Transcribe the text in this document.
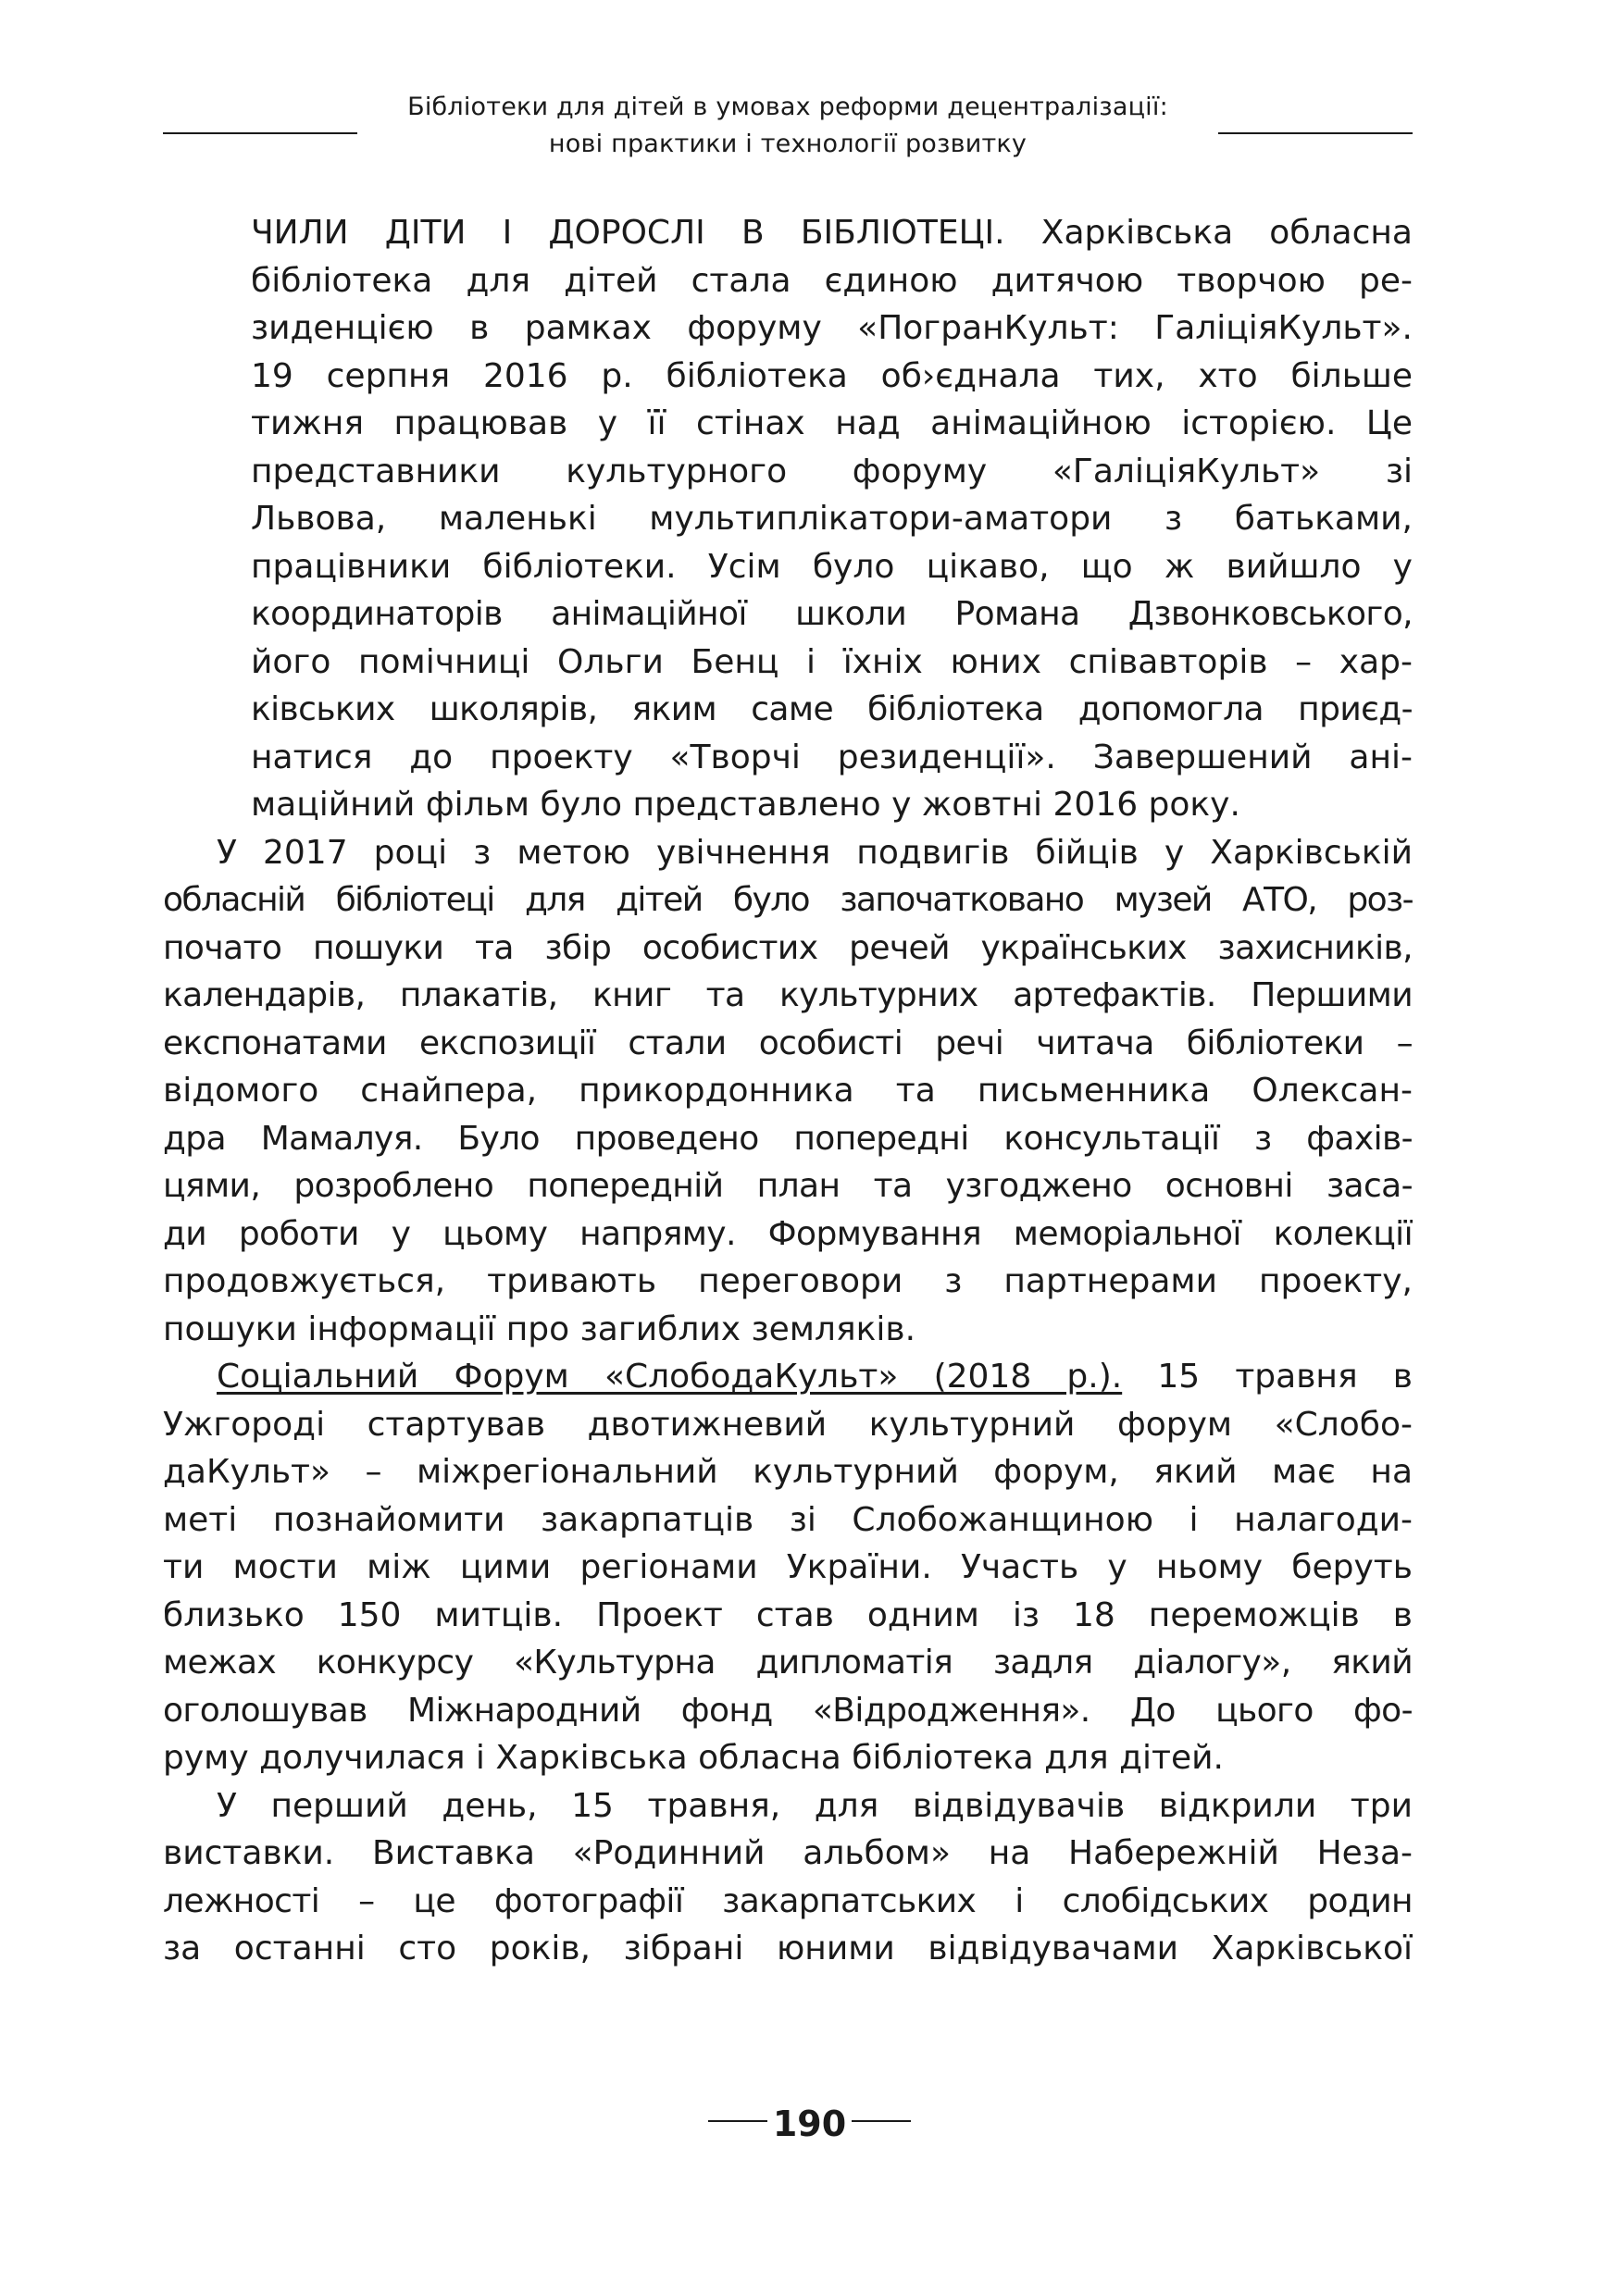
Бібліотеки для дітей в умовах реформи децентралізації:
нові практики і технології розвитку

ЧИЛИ ДІТИ І ДОРОСЛІ В БІБЛІОТЕЦІ. Харківська обласна
бібліотека для дітей стала єдиною дитячою творчою ре-
зиденцією в рамках форуму «ПогранКульт: ГаліціяКульт».
19 серпня 2016 р. бібліотека об›єднала тих, хто більше
тижня працював у її стінах над анімаційною історією. Це
представники культурного форуму «ГаліціяКульт» зі
Львова, маленькі мультиплікатори-аматори з батьками,
працівники бібліотеки. Усім було цікаво, що ж вийшло у
координаторів анімаційної школи Романа Дзвонковського,
його помічниці Ольги Бенц і їхніх юних співавторів – хар-
ківських школярів, яким саме бібліотека допомогла приєд-
натися до проекту «Творчі резиденції». Завершений ані-
маційний фільм було представлено у жовтні 2016 року.

У 2017 році з метою увічнення подвигів бійців у Харківській
обласній бібліотеці для дітей було започатковано музей АТО, роз-
почато пошуки та збір особистих речей українських захисників,
календарів, плакатів, книг та культурних артефактів. Першими
експонатами експозиції стали особисті речі читача бібліотеки –
відомого снайпера, прикордонника та письменника Олексан-
дра Мамалуя. Було проведено попередні консультації з фахів-
цями, розроблено попередній план та узгоджено основні заса-
ди роботи у цьому напряму. Формування меморіальної колекції
продовжується, тривають переговори з партнерами проекту,
пошуки інформації про загиблих земляків.

Соціальний Форум «СлободаКульт» (2018 р.). 15 травня в
Ужгороді стартував двотижневий культурний форум «Слобо-
даКульт» – міжрегіональний культурний форум, який має на
меті познайомити закарпатців зі Слобожанщиною і налагоди-
ти мости між цими регіонами України. Участь у ньому беруть
близько 150 митців. Проект став одним із 18 переможців в
межах конкурсу «Культурна дипломатія задля діалогу», який
оголошував Міжнародний фонд «Відродження». До цього фо-
руму долучилася і Харківська обласна бібліотека для дітей.

У перший день, 15 травня, для відвідувачів відкрили три
виставки. Виставка «Родинний альбом» на Набережній Неза-
лежності – це фотографії закарпатських і слобідських родин
за останні сто років, зібрані юними відвідувачами Харківської

190
